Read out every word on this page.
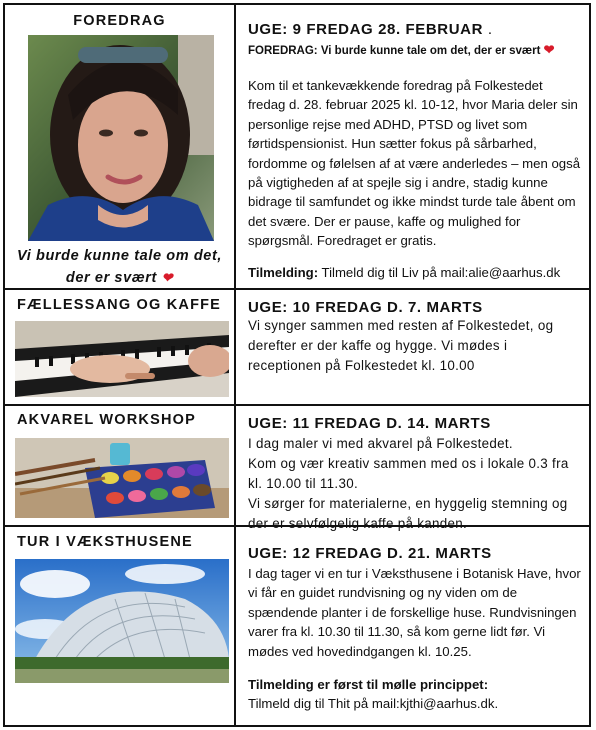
FOREDRAG
Vi burde kunne tale om det,
der er svært ❤
UGE: 9 FREDAG 28. FEBRUAR .
FOREDRAG: Vi burde kunne tale om det, der er svært ❤
Kom til et tankevækkende foredrag på Folkestedet fredag d. 28. februar 2025 kl. 10-12, hvor Maria deler sin personlige rejse med ADHD, PTSD og livet som førtidspensionist. Hun sætter fokus på sårbarhed, fordomme og følelsen af at være anderledes – men også på vigtigheden af at spejle sig i andre, stadig kunne bidrage til samfundet og ikke mindst turde tale åbent om det svære. Der er pause, kaffe og mulighed for spørgsmål. Foredraget er gratis.
Tilmelding: Tilmeld dig til Liv på mail:alie@aarhus.dk
FÆLLESSANG OG KAFFE UGE: 10 FREDAG D. 7. MARTS
Vi synger sammen med resten af Folkestedet, og derefter er der kaffe og hygge. Vi mødes i receptionen på Folkestedet kl. 10.00
AKVAREL WORKSHOP	UGE: 11 FREDAG D. 14. MARTS
I dag maler vi med akvarel på Folkestedet.
Kom og vær kreativ sammen med os i lokale 0.3 fra kl. 10.00 til 11.30.
Vi sørger for materialerne, en hyggelig stemning og der er selvfølgelig kaffe på kanden.
TUR I VÆKSTHUSENE
UGE: 12 FREDAG D. 21. MARTS
I dag tager vi en tur i Væksthusene i Botanisk Have, hvor vi får en guidet rundvisning og ny viden om de spændende planter i de forskellige huse. Rundvisningen varer fra kl. 10.30 til 11.30, så kom gerne lidt før. Vi mødes ved hovedindgangen kl. 10.25.
Tilmelding er først til mølle princippet:
Tilmeld dig til Thit på mail:kjthi@aarhus.dk.
